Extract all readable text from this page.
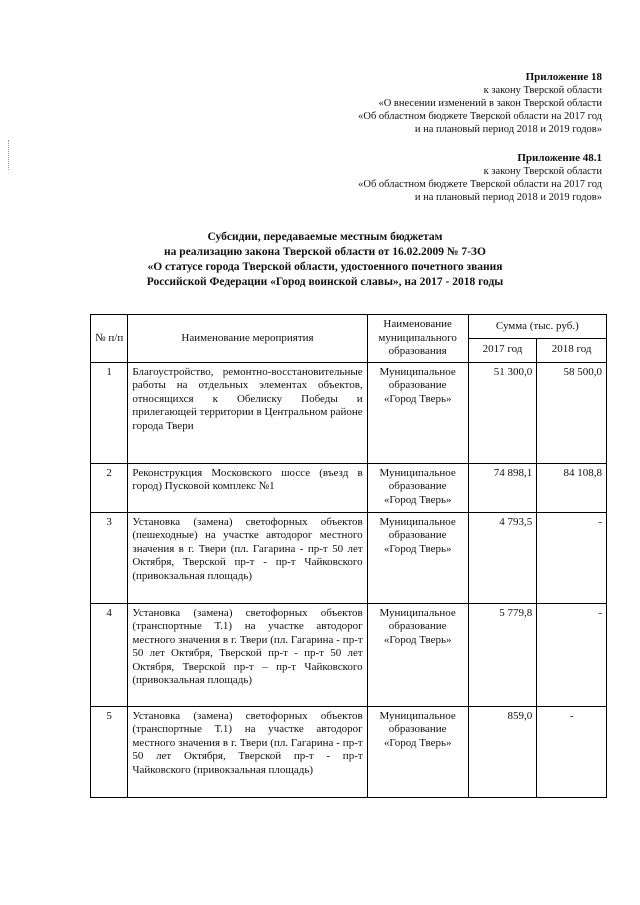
Приложение 18
к закону Тверской области
«О внесении изменений в закон Тверской области
«Об областном бюджете Тверской области на 2017 год
и на плановый период 2018 и 2019 годов»
Приложение 48.1
к закону Тверской области
«Об областном бюджете Тверской области на 2017 год
и на плановый период 2018 и 2019 годов»
Субсидии, передаваемые местным бюджетам
на реализацию закона Тверской области от 16.02.2009 № 7-ЗО
«О статусе города Тверской области, удостоенного почетного звания
Российской Федерации «Город воинской славы», на 2017 - 2018 годы
№ п/п	Наименование мероприятия	Наименование муниципального образования	Сумма (тыс. руб.)	
			2017 год	2018 год
1	Благоустройство, ремонтно-восстановительные работы на отдельных элементах объектов, относящихся к Обелиску Победы и прилегающей территории в Центральном районе города Твери	Муниципальное образование «Город Тверь»	51 300,0	58 500,0
2	Реконструкция Московского шоссе (въезд в город) Пусковой комплекс №1	Муниципальное образование «Город Тверь»	74 898,1	84 108,8
3	Установка (замена) светофорных объектов (пешеходные) на участке автодорог местного значения в г. Твери (пл. Гагарина - пр-т 50 лет Октября, Тверской пр-т - пр-т Чайковского (привокзальная площадь)	Муниципальное образование «Город Тверь»	4 793,5	-
4	Установка (замена) светофорных объектов (транспортные Т.1) на участке автодорог местного значения в г. Твери (пл. Гагарина - пр-т 50 лет Октября, Тверской пр-т - пр-т 50 лет Октября, Тверской пр-т – пр-т Чайковского (привокзальная площадь)	Муниципальное образование «Город Тверь»	5 779,8	-
5	Установка (замена) светофорных объектов (транспортные Т.1) на участке автодорог местного значения в г. Твери (пл. Гагарина - пр-т 50 лет Октября, Тверской пр-т - пр-т Чайковского (привокзальная площадь)	Муниципальное образование «Город Тверь»	859,0	-
